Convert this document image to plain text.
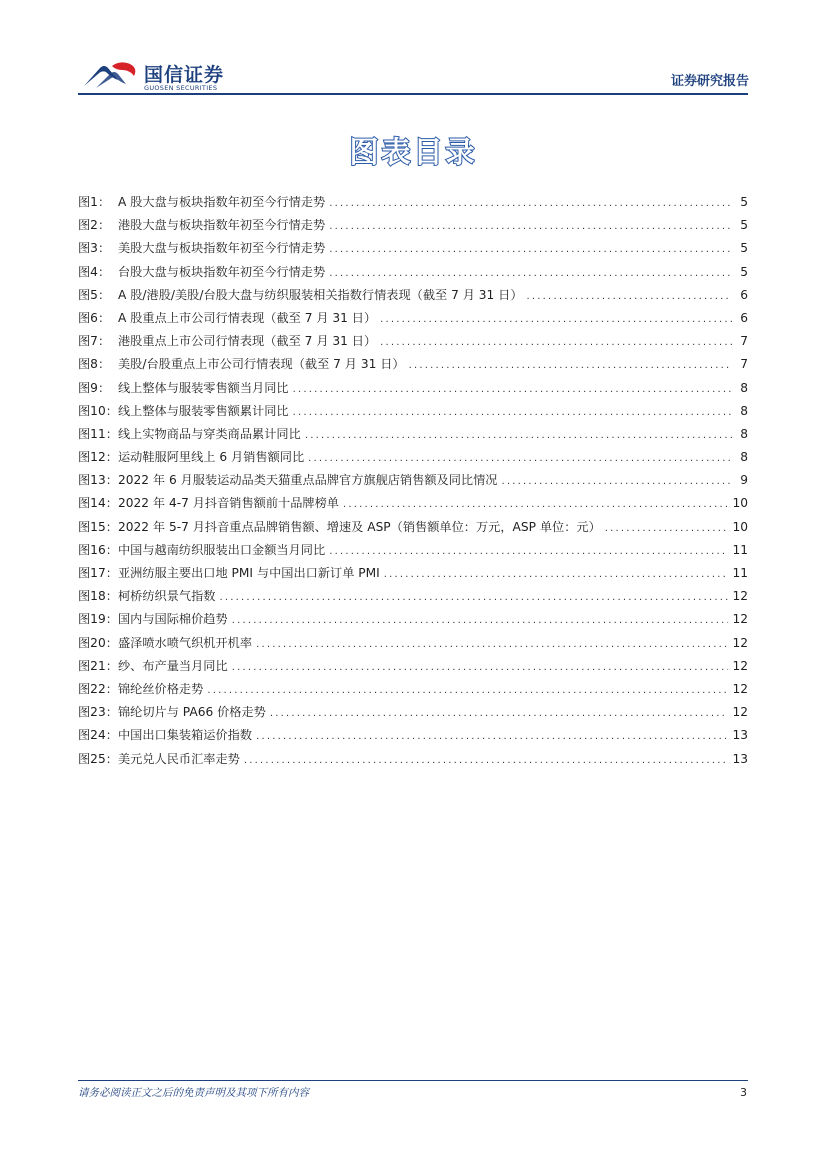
国信证券
GUOSEN SECURITIES	证券研究报告
图表目录
图1： A 股大盘与板块指数年初至今行情走势 .....	5
图2： 港股大盘与板块指数年初至今行情走势 .....	5
图3： 美股大盘与板块指数年初至今行情走势 .....	5
图4： 台股大盘与板块指数年初至今行情走势 .....	5
图5： A 股/港股/美股/台股大盘与纺织服装相关指数行情表现（截至 7 月 31 日） .....	6
图6： A 股重点上市公司行情表现（截至 7 月 31 日） .....	6
图7： 港股重点上市公司行情表现（截至 7 月 31 日） .....	7
图8： 美股/台股重点上市公司行情表现（截至 7 月 31 日） .....	7
图9： 线上整体与服装零售额当月同比 .....	8
图10： 线上整体与服装零售额累计同比 .....	8
图11： 线上实物商品与穿类商品累计同比 .....	8
图12： 运动鞋服阿里线上 6 月销售额同比 .....	8
图13： 2022 年 6 月服装运动品类天猫重点品牌官方旗舰店销售额及同比情况 .....	9
图14： 2022 年 4-7 月抖音销售额前十品牌榜单 .....	10
图15： 2022 年 5-7 月抖音重点品牌销售额、增速及 ASP（销售额单位：万元，ASP 单位：元） .....	10
图16： 中国与越南纺织服装出口金额当月同比 .....	11
图17： 亚洲纺服主要出口地 PMI 与中国出口新订单 PMI .....	11
图18： 柯桥纺织景气指数 .....	12
图19： 国内与国际棉价趋势 .....	12
图20： 盛泽喷水喷气织机开机率 .....	12
图21： 纱、布产量当月同比 .....	12
图22： 锦纶丝价格走势 .....	12
图23： 锦纶切片与 PA66 价格走势 .....	12
图24： 中国出口集装箱运价指数 .....	13
图25： 美元兑人民币汇率走势 .....	13
请务必阅读正文之后的免责声明及其项下所有内容	3
